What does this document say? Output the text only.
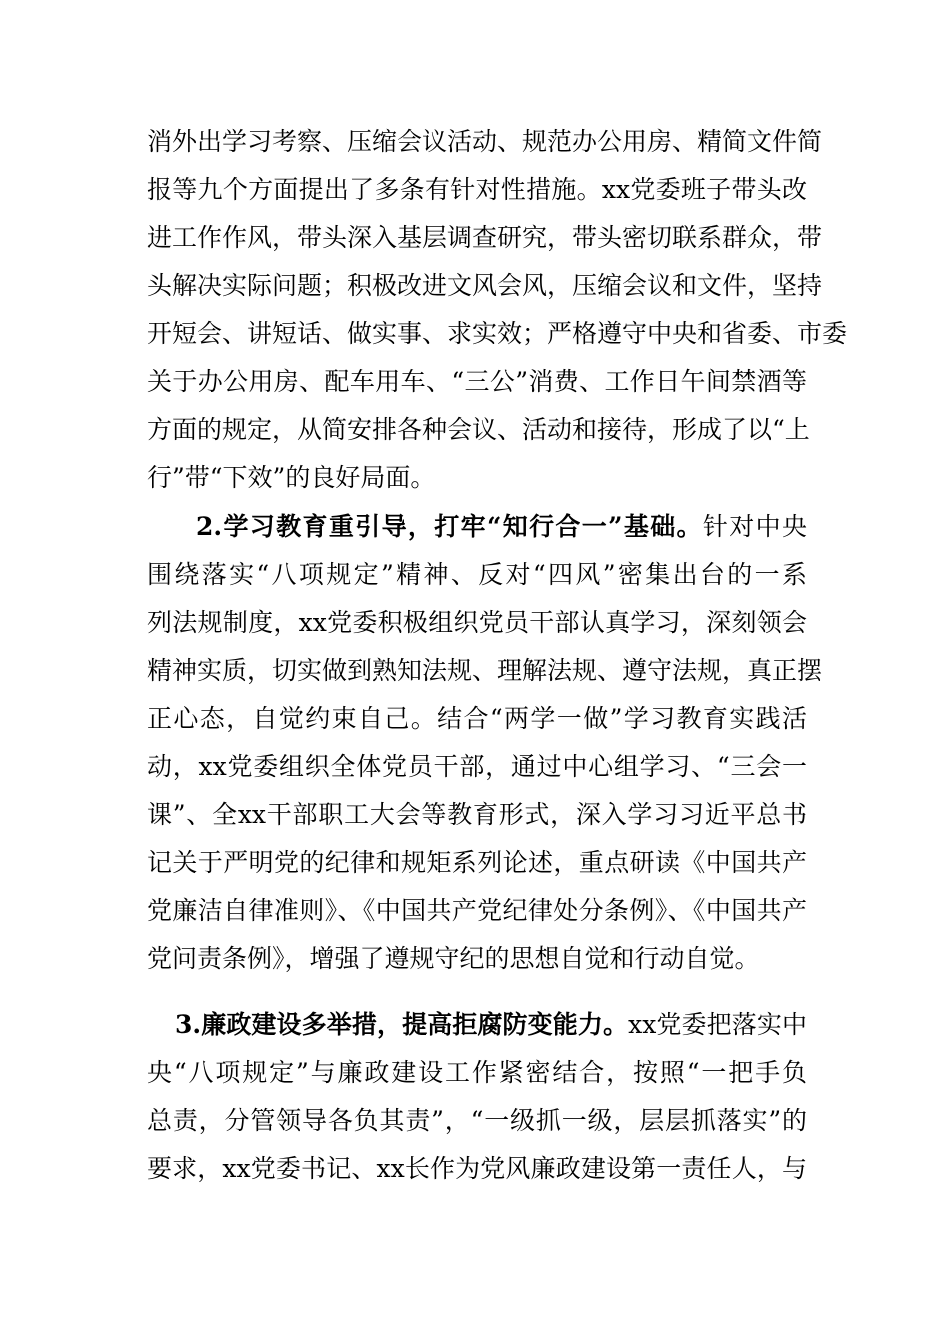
消外出学习考察、压缩会议活动、规范办公用房、精简文件简
报等九个方面提出了多条有针对性措施。xx党委班子带头改
进工作作风，带头深入基层调查研究，带头密切联系群众，带
头解决实际问题；积极改进文风会风，压缩会议和文件，坚持
开短会、讲短话、做实事、求实效；严格遵守中央和省委、市委
关于办公用房、配车用车、“三公”消费、工作日午间禁酒等
方面的规定，从简安排各种会议、活动和接待，形成了以“上
行”带“下效”的良好局面。
2.学习教育重引导，打牢“知行合一”基础。针对中央
围绕落实“八项规定”精神、反对“四风”密集出台的一系
列法规制度，xx党委积极组织党员干部认真学习，深刻领会
精神实质，切实做到熟知法规、理解法规、遵守法规，真正摆
正心态，自觉约束自己。结合“两学一做”学习教育实践活
动，xx党委组织全体党员干部，通过中心组学习、“三会一
课”、全xx干部职工大会等教育形式，深入学习习近平总书
记关于严明党的纪律和规矩系列论述，重点研读《中国共产
党廉洁自律准则》、《中国共产党纪律处分条例》、《中国共产
党问责条例》，增强了遵规守纪的思想自觉和行动自觉。
3.廉政建设多举措，提高拒腐防变能力。xx党委把落实中
央“八项规定”与廉政建设工作紧密结合，按照“一把手负
总责，分管领导各负其责”，“一级抓一级，层层抓落实”的
要求，xx党委书记、xx长作为党风廉政建设第一责任人，与
